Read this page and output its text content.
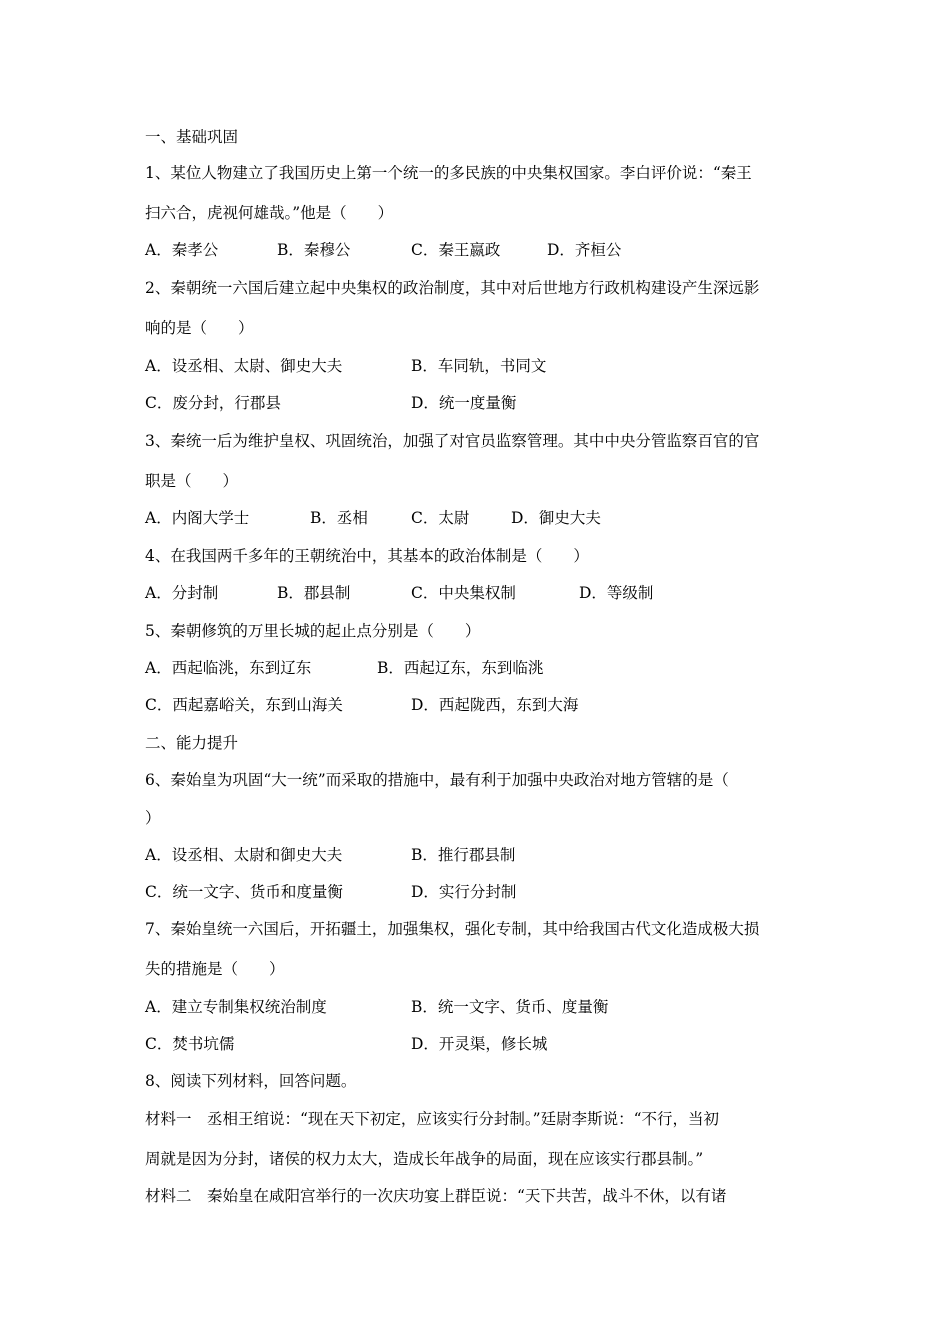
一、基础巩固
1、某位人物建立了我国历史上第一个统一的多民族的中央集权国家。李白评价说：“秦王
扫六合，虎视何雄哉。”他是（　　）
A．秦孝公	B．秦穆公	C．秦王嬴政	D．齐桓公
2、秦朝统一六国后建立起中央集权的政治制度，其中对后世地方行政机构建设产生深远影
响的是（　　）
A．设丞相、太尉、御史大夫	B．车同轨，书同文
C．废分封，行郡县	D．统一度量衡
3、秦统一后为维护皇权、巩固统治，加强了对官员监察管理。其中中央分管监察百官的官
职是（　　）
A．内阁大学士	B．丞相	C．太尉	D．御史大夫
4、在我国两千多年的王朝统治中，其基本的政治体制是（　　）
A．分封制	B．郡县制	C．中央集权制	D．等级制
5、秦朝修筑的万里长城的起止点分别是（　　）
A．西起临洮，东到辽东	B．西起辽东，东到临洮
C．西起嘉峪关，东到山海关	D．西起陇西，东到大海
二、能力提升
6、秦始皇为巩固“大一统”而采取的措施中，最有利于加强中央政治对地方管辖的是（
）
A．设丞相、太尉和御史大夫	B．推行郡县制
C．统一文字、货币和度量衡	D．实行分封制
7、秦始皇统一六国后，开拓疆土，加强集权，强化专制，其中给我国古代文化造成极大损
失的措施是（　　）
A．建立专制集权统治制度	B．统一文字、货币、度量衡
C．焚书坑儒	D．开灵渠，修长城
8、阅读下列材料，回答问题。
材料一　丞相王绾说：“现在天下初定，应该实行分封制。”廷尉李斯说：“不行，当初
周就是因为分封，诸侯的权力太大，造成长年战争的局面，现在应该实行郡县制。”
材料二　秦始皇在咸阳宫举行的一次庆功宴上群臣说：“天下共苦，战斗不休，以有诸
